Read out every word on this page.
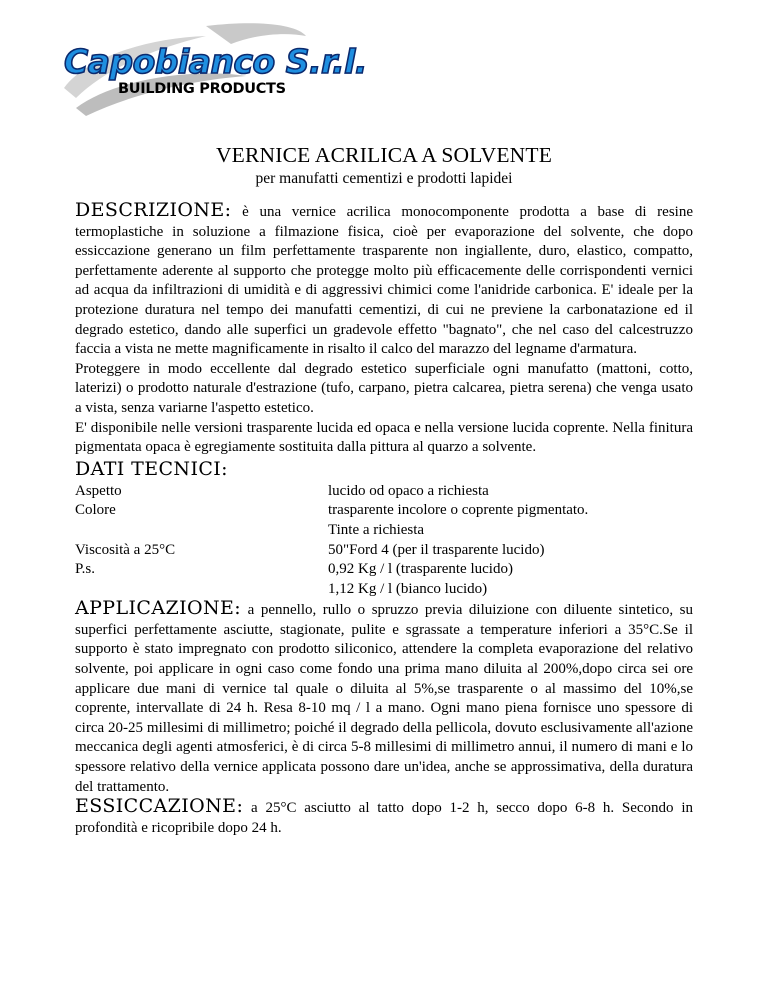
Capobianco S.r.l.
BUILDING PRODUCTS
VERNICE ACRILICA A SOLVENTE
per manufatti cementizi e prodotti lapidei

DESCRIZIONE: è una vernice acrilica monocomponente prodotta a base di resine termoplastiche in soluzione a filmazione fisica, cioè per evaporazione del solvente, che dopo essiccazione generano un film perfettamente trasparente non ingiallente, duro, elastico, compatto, perfettamente aderente al supporto che protegge molto più efficacemente delle corrispondenti vernici ad acqua da infiltrazioni di umidità e di aggressivi chimici come l'anidride carbonica. E' ideale per la protezione duratura nel tempo dei manufatti cementizi, di cui ne previene la carbonatazione ed il degrado estetico, dando alle superfici un gradevole effetto "bagnato", che nel caso del calcestruzzo faccia a vista ne mette magnificamente in risalto il calco del marazzo del legname d'armatura.

Proteggere in modo eccellente dal degrado estetico superficiale ogni manufatto (mattoni, cotto, laterizi) o prodotto naturale d'estrazione (tufo, carpano, pietra calcarea, pietra serena) che venga usato a vista, senza variarne l'aspetto estetico.

E' disponibile nelle versioni trasparente lucida ed opaca e nella versione lucida coprente. Nella finitura pigmentata opaca è egregiamente sostituita dalla pittura al quarzo a solvente.

DATI TECNICI:

Aspetto	lucido od opaco a richiesta
Colore	trasparente incolore o coprente pigmentato.
Tinte a richiesta
Viscosità a 25°C	50"Ford 4 (per il trasparente lucido)
P.s.	0,92 Kg / l (trasparente lucido)
1,12 Kg / l (bianco lucido)

APPLICAZIONE: a pennello, rullo o spruzzo previa diluizione con diluente sintetico, su superfici perfettamente asciutte, stagionate, pulite e sgrassate a temperature inferiori a 35°C.Se il supporto è stato impregnato con prodotto siliconico, attendere la completa evaporazione del relativo solvente, poi applicare in ogni caso come fondo una prima mano diluita al 200%,dopo circa sei ore applicare due mani di vernice tal quale o diluita al 5%,se trasparente o al massimo del 10%,se coprente, intervallate di 24 h. Resa 8-10 mq / l a mano. Ogni mano piena fornisce uno spessore di circa 20-25 millesimi di millimetro; poiché il degrado della pellicola, dovuto esclusivamente all'azione meccanica degli agenti atmosferici, è di circa 5-8 millesimi di millimetro annui, il numero di mani e lo spessore relativo della vernice applicata possono dare un'idea, anche se approssimativa, della duratura del trattamento.

ESSICCAZIONE: a 25°C asciutto al tatto dopo 1-2 h, secco dopo 6-8 h. Secondo in profondità e ricopribile dopo 24 h.
